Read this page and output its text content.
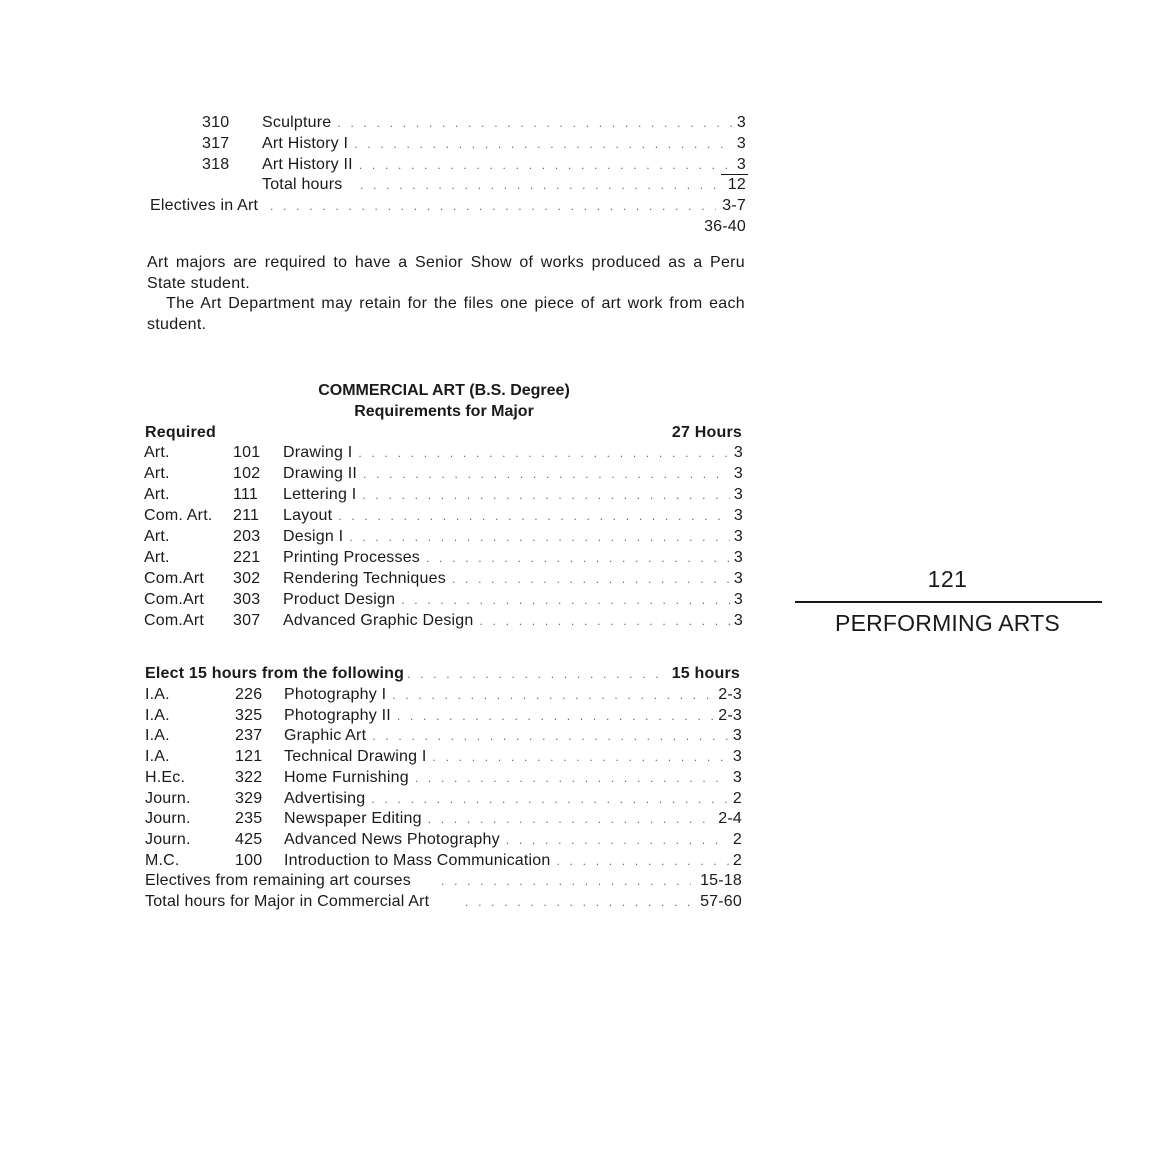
310 Sculpture . . .	3
317 Art History I . . .	3
318 Art History II . . .	3
Total hours . . .	12
Electives in Art . . .	3-7
36-40
Art majors are required to have a Senior Show of works produced as a Peru State student.
The Art Department may retain for the files one piece of art work from each student.
COMMERCIAL ART (B.S. Degree)
Requirements for Major
Required	27 Hours
Art.	101 Drawing I . . .	3
Art.	102 Drawing II . . .	3
Art.	111 Lettering I . . .	3
Com. Art. 211 Layout . . .	3
Art.	203 Design I . . .	3
Art.	221 Printing Processes . . .	3
Com.Art 302 Rendering Techniques . . .	3
Com.Art 303 Product Design . . .	3
Com.Art 307 Advanced Graphic Design . . .	3
Elect 15 hours from the following . . .	15 hours
I.A.	226 Photography I . . .	2-3
I.A.	325 Photography II . . .	2-3
I.A.	237 Graphic Art . . .	3
I.A.	121 Technical Drawing I . . .	3
H.Ec.	322 Home Furnishing . . .	3
Journ.	329 Advertising . . .	2
Journ.	235 Newspaper Editing . . .	2-4
Journ.	425 Advanced News Photography . . .	2
M.C.	100 Introduction to Mass Communication . . .	2
Electives from remaining art courses . . .	15-18
Total hours for Major in Commercial Art . . .	57-60
121
PERFORMING ARTS
